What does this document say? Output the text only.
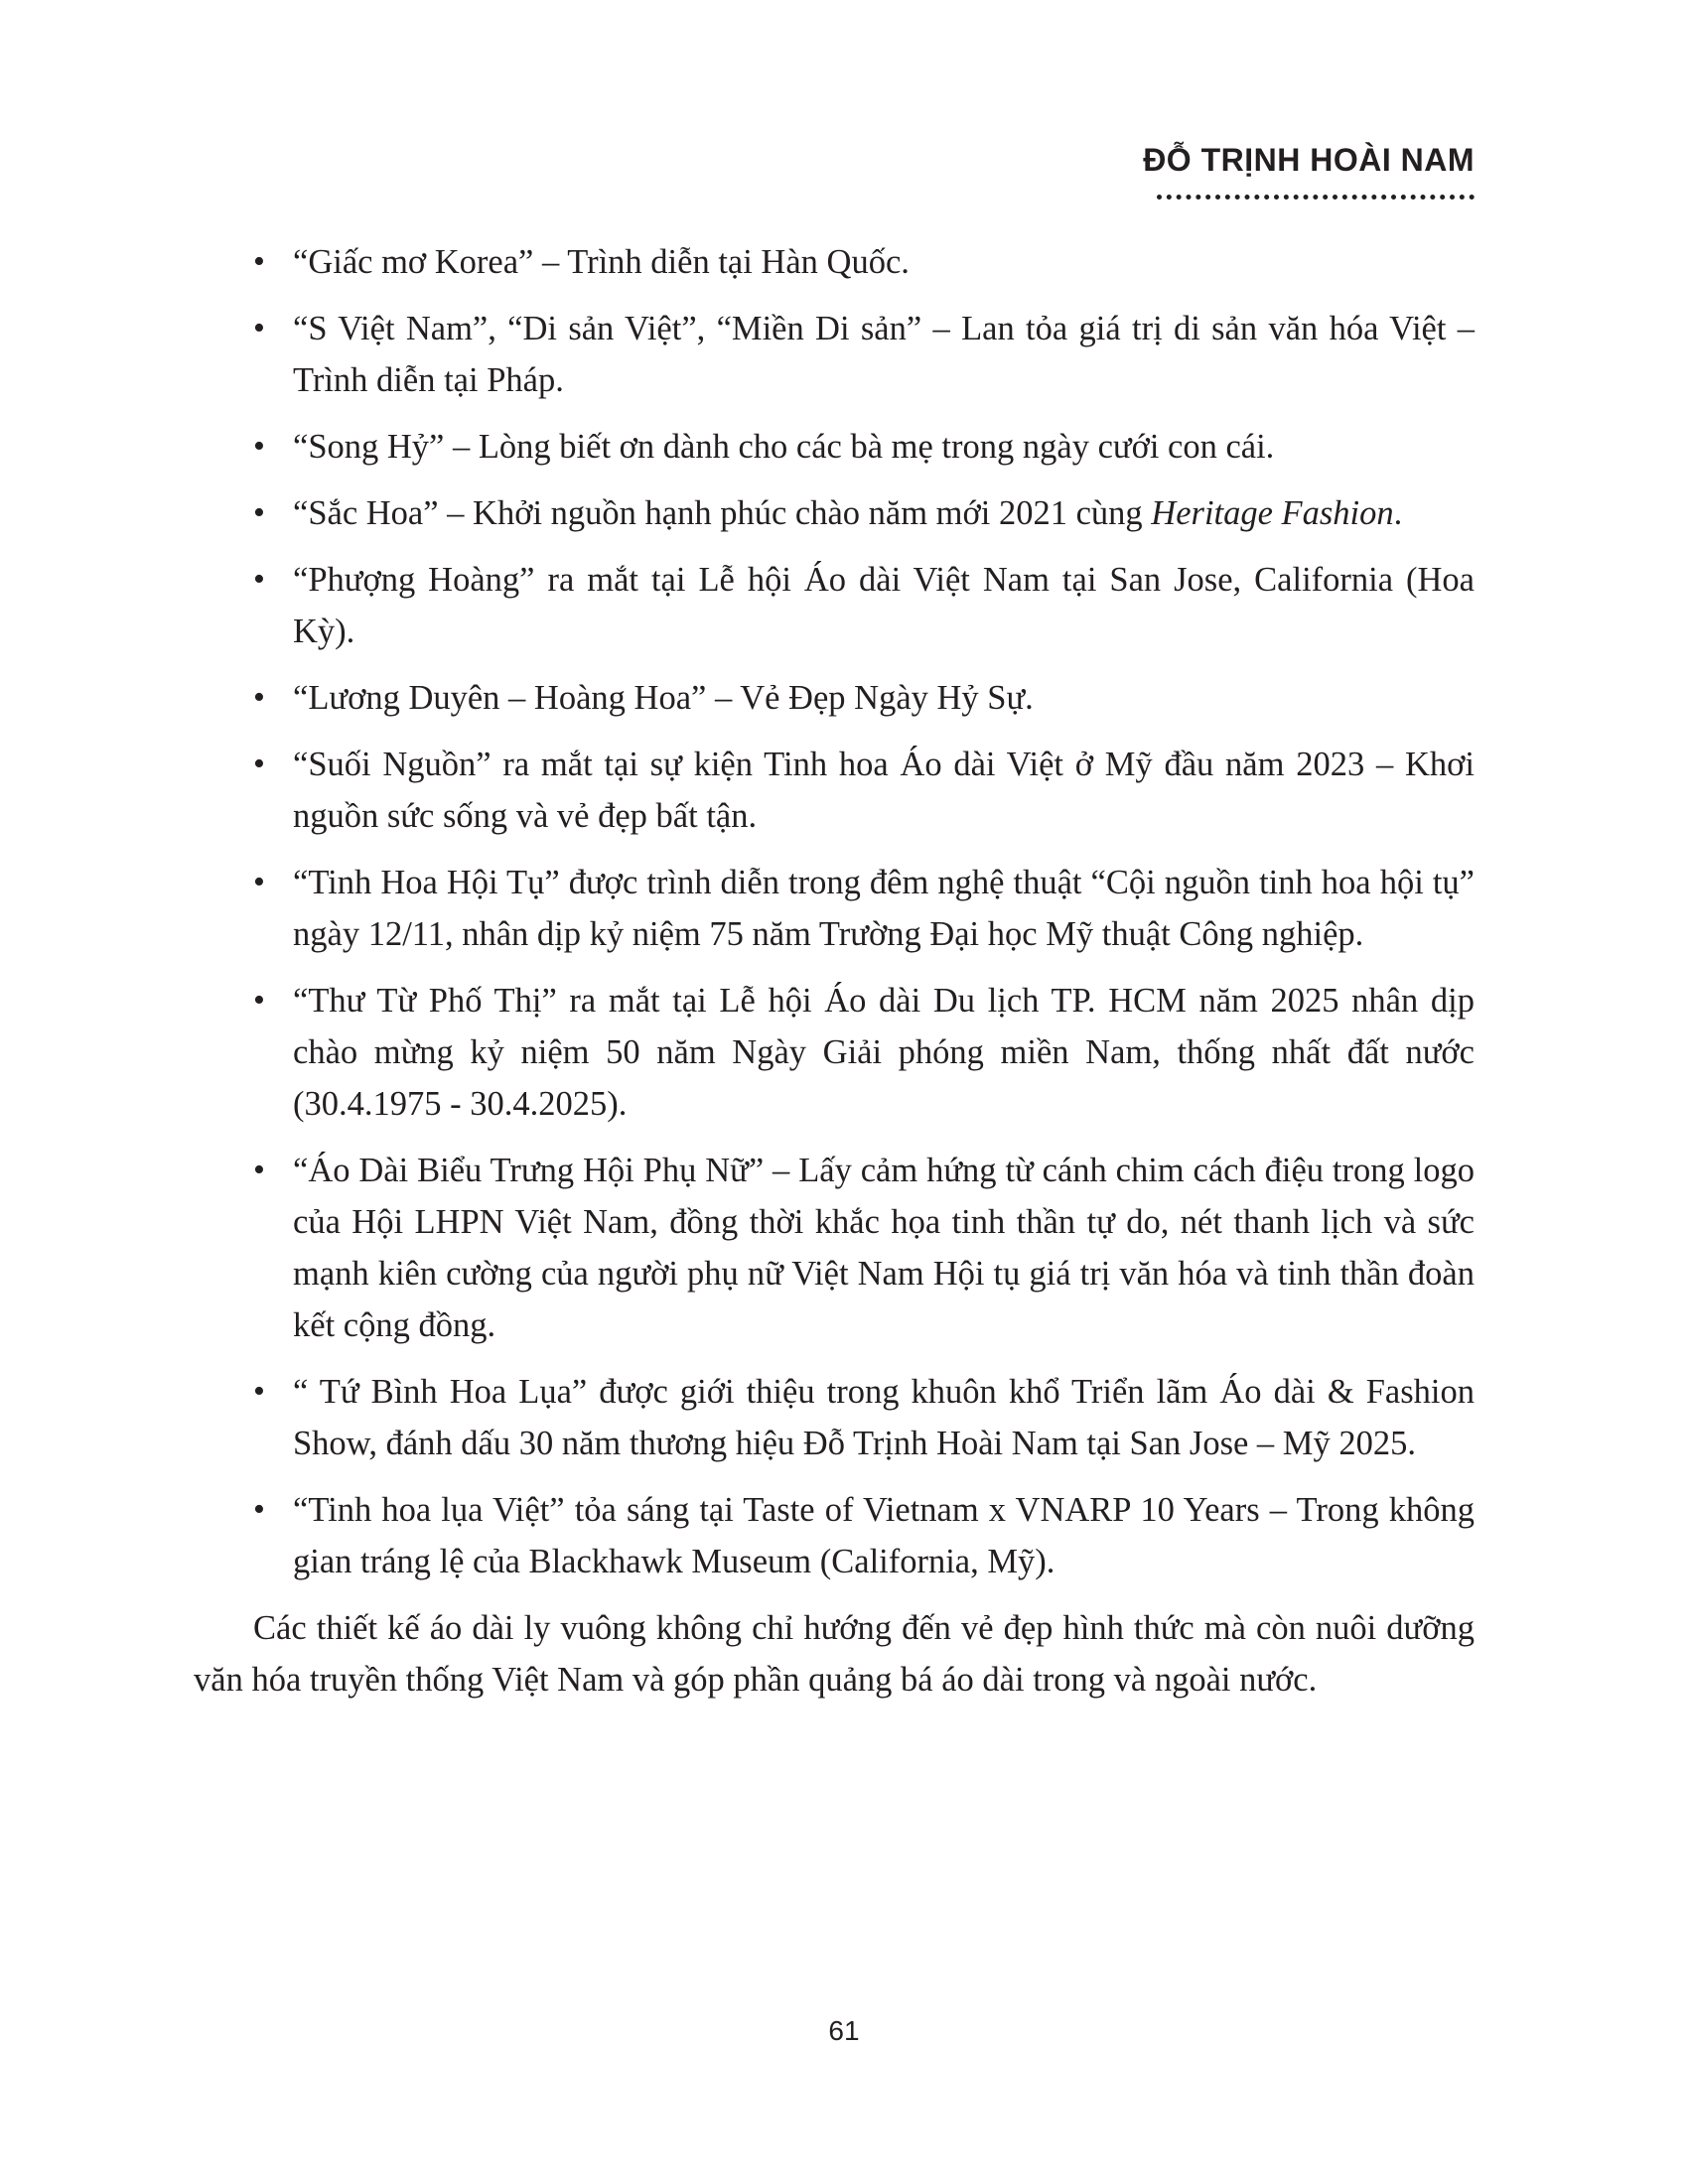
ĐỖ TRỊNH HOÀI NAM
• “Giấc mơ Korea” – Trình diễn tại Hàn Quốc.
• “S Việt Nam”, “Di sản Việt”, “Miền Di sản” – Lan tỏa giá trị di sản văn hóa Việt – Trình diễn tại Pháp.
• “Song Hỷ” – Lòng biết ơn dành cho các bà mẹ trong ngày cưới con cái.
• “Sắc Hoa” – Khởi nguồn hạnh phúc chào năm mới 2021 cùng Heritage Fashion.
• “Phượng Hoàng” ra mắt tại Lễ hội Áo dài Việt Nam tại San Jose, California (Hoa Kỳ).
• “Lương Duyên – Hoàng Hoa” – Vẻ Đẹp Ngày Hỷ Sự.
• “Suối Nguồn” ra mắt tại sự kiện Tinh hoa Áo dài Việt ở Mỹ đầu năm 2023 – Khơi nguồn sức sống và vẻ đẹp bất tận.
• “Tinh Hoa Hội Tụ” được trình diễn trong đêm nghệ thuật “Cội nguồn tinh hoa hội tụ” ngày 12/11, nhân dịp kỷ niệm 75 năm Trường Đại học Mỹ thuật Công nghiệp.
• “Thư Từ Phố Thị” ra mắt tại Lễ hội Áo dài Du lịch TP. HCM năm 2025 nhân dịp chào mừng kỷ niệm 50 năm Ngày Giải phóng miền Nam, thống nhất đất nước (30.4.1975 - 30.4.2025).
• “Áo Dài Biểu Trưng Hội Phụ Nữ” – Lấy cảm hứng từ cánh chim cách điệu trong logo của Hội LHPN Việt Nam, đồng thời khắc họa tinh thần tự do, nét thanh lịch và sức mạnh kiên cường của người phụ nữ Việt Nam Hội tụ giá trị văn hóa và tinh thần đoàn kết cộng đồng.
• “ Tứ Bình Hoa Lụa” được giới thiệu trong khuôn khổ Triển lãm Áo dài & Fashion Show, đánh dấu 30 năm thương hiệu Đỗ Trịnh Hoài Nam tại San Jose – Mỹ 2025.
• “Tinh hoa lụa Việt” tỏa sáng tại Taste of Vietnam x VNARP 10 Years – Trong không gian tráng lệ của Blackhawk Museum (California, Mỹ).

Các thiết kế áo dài ly vuông không chỉ hướng đến vẻ đẹp hình thức mà còn nuôi dưỡng văn hóa truyền thống Việt Nam và góp phần quảng bá áo dài trong và ngoài nước.

61
